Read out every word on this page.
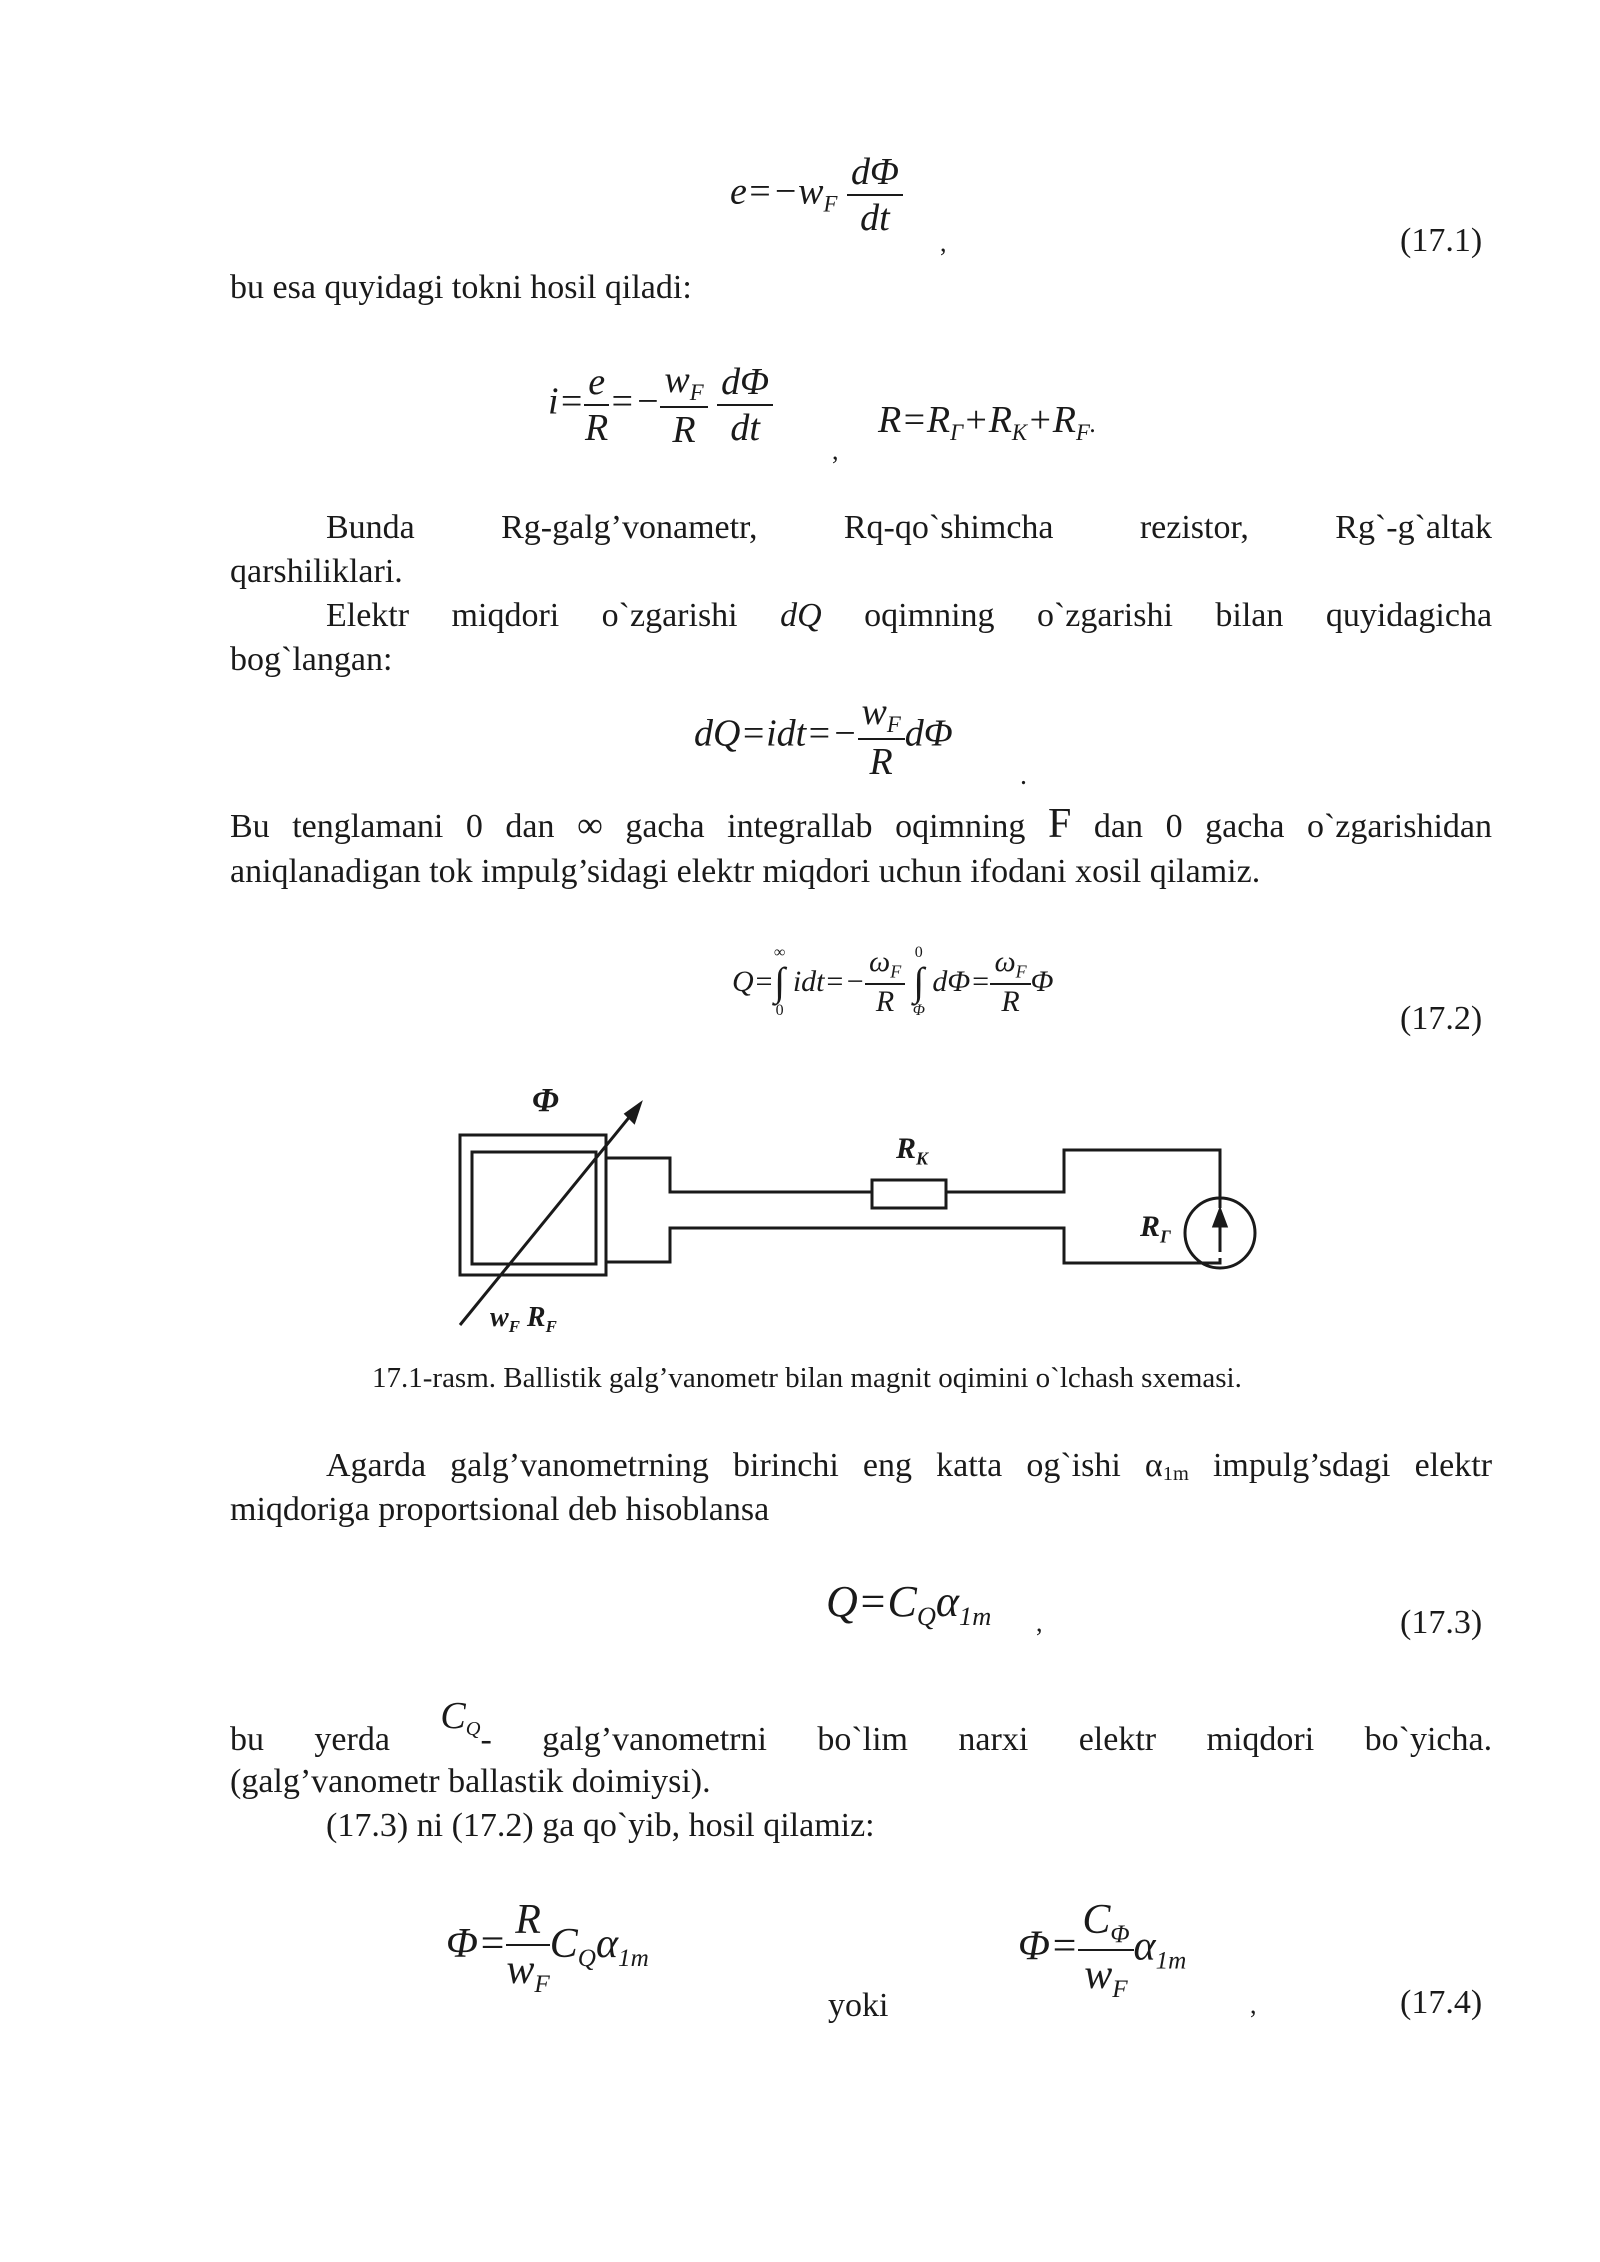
$e=-w_F \frac{d\Phi}{dt}$
,	(17.1)
bu esa quyidagi tokni hosil qiladi:
$i= \frac{e}{R} =- \frac{w_F}{R}$
$\frac{d\Phi}{dt}$
,
$R=R_Г+R_K+R_F$.
Bunda	Rg-galg’vonametr,	Rq-qo`shimcha rezistor,	Rg`-g`altak
qarshiliklari.
Elektr miqdori o`zgarishi dQ oqimning o`zgarishi bilan quyidagicha
bog`langan:
$dQ=idt=- \frac{w_F}{R}$ dΦ
.
Bu tenglamani 0 dan ∞ gacha integrallab oqimning F dan 0 gacha o`zgarishidan
aniqlanadigan tok impulg’sidagi elektr miqdori uchun ifodani xosil qilamiz.
Q=
∞
∫
0
$idt=- \frac{\omega_F}{R}$
0
∫
Φ
$d\Phi= \frac{\omega_F}{R}$ Φ
(17.2)
Φ
$R_K$
$R_Г$
$w_F$ $R_F$
17.1-rasm. Ballistik galg’vanometr bilan magnit oqimini o`lchash sxemasi.
Agarda galg’vanometrning birinchi eng katta og`ishi $\alpha_{1m}$ impulg’sdagi elektr
miqdoriga proportsional deb hisoblansa
$Q=C_Q\alpha_{1m}$ ,	(17.3)
bu yerda $C_Q-$ galg’vanometrni bo`lim narxi elektr miqdori bo`yicha.
(galg’vanometr ballastik doimiysi).
(17.3) ni (17.2) ga qo`yib, hosil qilamiz:
$\Phi= \frac{R}{w_F} C_Q\alpha_{1m}$
yoki
$\Phi= \frac{C_\Phi}{w_F} \alpha_{1m}$
,	(17.4)
